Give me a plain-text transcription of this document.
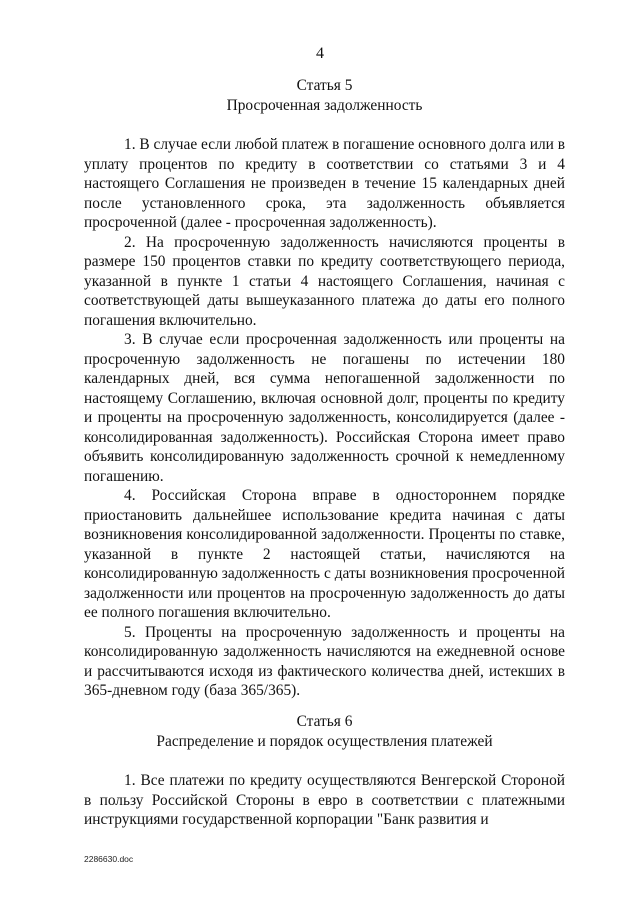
4

Статья 5

Просроченная задолженность

1. В случае если любой платеж в погашение основного долга или в уплату процентов по кредиту в соответствии со статьями 3 и 4 настоящего Соглашения не произведен в течение 15 календарных дней после установленного срока, эта задолженность объявляется просроченной (далее - просроченная задолженность).

2. На просроченную задолженность начисляются проценты в размере 150 процентов ставки по кредиту соответствующего периода, указанной в пункте 1 статьи 4 настоящего Соглашения, начиная с соответствующей даты вышеуказанного платежа до даты его полного погашения включительно.

3. В случае если просроченная задолженность или проценты на просроченную задолженность не погашены по истечении 180 календарных дней, вся сумма непогашенной задолженности по настоящему Соглашению, включая основной долг, проценты по кредиту и проценты на просроченную задолженность, консолидируется (далее - консолидированная задолженность). Российская Сторона имеет право объявить консолидированную задолженность срочной к немедленному погашению.

4. Российская Сторона вправе в одностороннем порядке приостановить дальнейшее использование кредита начиная с даты возникновения консолидированной задолженности. Проценты по ставке, указанной в пункте 2 настоящей статьи, начисляются на консолидированную задолженность с даты возникновения просроченной задолженности или процентов на просроченную задолженность до даты ее полного погашения включительно.

5. Проценты на просроченную задолженность и проценты на консолидированную задолженность начисляются на ежедневной основе и рассчитываются исходя из фактического количества дней, истекших в 365-дневном году (база 365/365).

Статья 6

Распределение и порядок осуществления платежей

1. Все платежи по кредиту осуществляются Венгерской Стороной в пользу Российской Стороны в евро в соответствии с платежными инструкциями государственной корпорации "Банк развития и

2286630.doc
